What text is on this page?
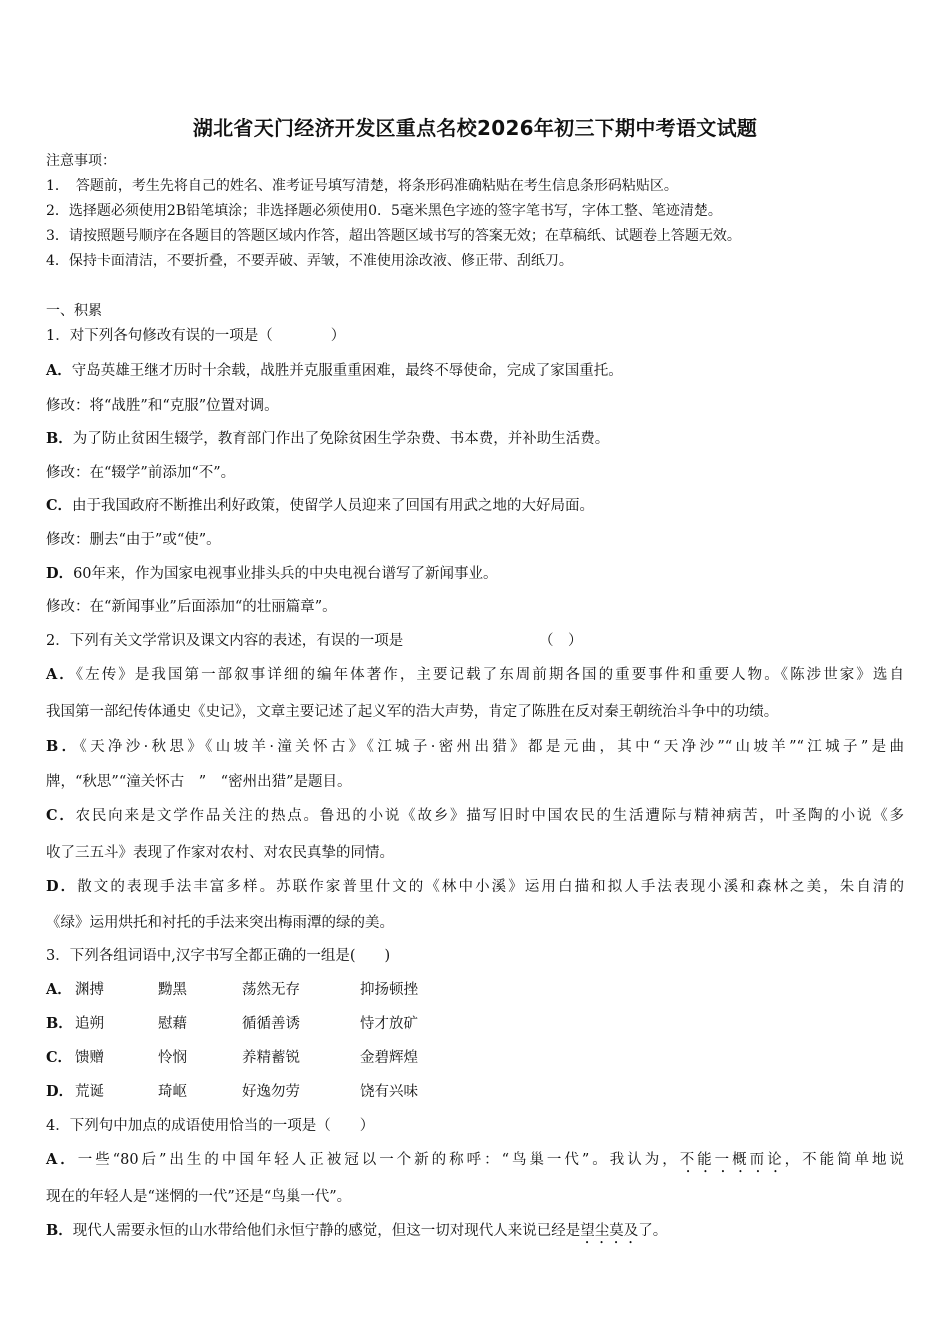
湖北省天门经济开发区重点名校2026年初三下期中考语文试题
注意事项：
1．　答题前，考生先将自己的姓名、准考证号填写清楚，将条形码准确粘贴在考生信息条形码粘贴区。
2．选择题必须使用2B铅笔填涂；非选择题必须使用0．5毫米黑色字迹的签字笔书写，字体工整、笔迹清楚。
3．请按照题号顺序在各题目的答题区域内作答，超出答题区域书写的答案无效；在草稿纸、试题卷上答题无效。
4．保持卡面清洁，不要折叠，不要弄破、弄皱，不准使用涂改液、修正带、刮纸刀。
一、积累
1．对下列各句修改有误的一项是（　　　　）
A．守岛英雄王继才历时十余载，战胜并克服重重困难，最终不辱使命，完成了家国重托。
修改：将“战胜”和“克服”位置对调。
B．为了防止贫困生辍学，教育部门作出了免除贫困生学杂费、书本费，并补助生活费。
修改：在“辍学”前添加“不”。
C．由于我国政府不断推出利好政策，使留学人员迎来了回国有用武之地的大好局面。
修改：删去“由于”或“使”。
D．60年来，作为国家电视事业排头兵的中央电视台谱写了新闻事业。
修改：在“新闻事业”后面添加“的壮丽篇章”。
2．下列有关文学常识及课文内容的表述，有误的一项是	（　）
A．《左传》是我国第一部叙事详细的编年体著作，主要记载了东周前期各国的重要事件和重要人物。《陈涉世家》选自
我国第一部纪传体通史《史记》，文章主要记述了起义军的浩大声势，肯定了陈胜在反对秦王朝统治斗争中的功绩。
B．《天净沙·秋思》《山坡羊·潼关怀古》《江城子·密州出猎》都是元曲，其中“天净沙”“山坡羊”“江城子”是曲
牌，“秋思”“潼关怀古　”　“密州出猎”是题目。
C．农民向来是文学作品关注的热点。鲁迅的小说《故乡》描写旧时中国农民的生活遭际与精神病苦，叶圣陶的小说《多
收了三五斗》表现了作家对农村、对农民真挚的同情。
D．散文的表现手法丰富多样。苏联作家普里什文的《林中小溪》运用白描和拟人手法表现小溪和森林之美，朱自清的
《绿》运用烘托和衬托的手法来突出梅雨潭的绿的美。
3．下列各组词语中,汉字书写全都正确的一组是(　　)
A． 渊搏	黝黑	荡然无存	抑扬顿挫
B． 追朔	慰藉	循循善诱	恃才放矿
C． 馈赠	怜悯	养精蓄锐	金碧辉煌
D． 荒诞	琦岖	好逸勿劳	饶有兴味
4．下列句中加点的成语使用恰当的一项是（　　）
A．一些“80后”出生的中国年轻人正被冠以一个新的称呼：“鸟巢一代”。我认为，不能一概而论，不能简单地说
现在的年轻人是“迷惘的一代”还是“鸟巢一代”。
B．现代人需要永恒的山水带给他们永恒宁静的感觉，但这一切对现代人来说已经是望尘莫及了。
